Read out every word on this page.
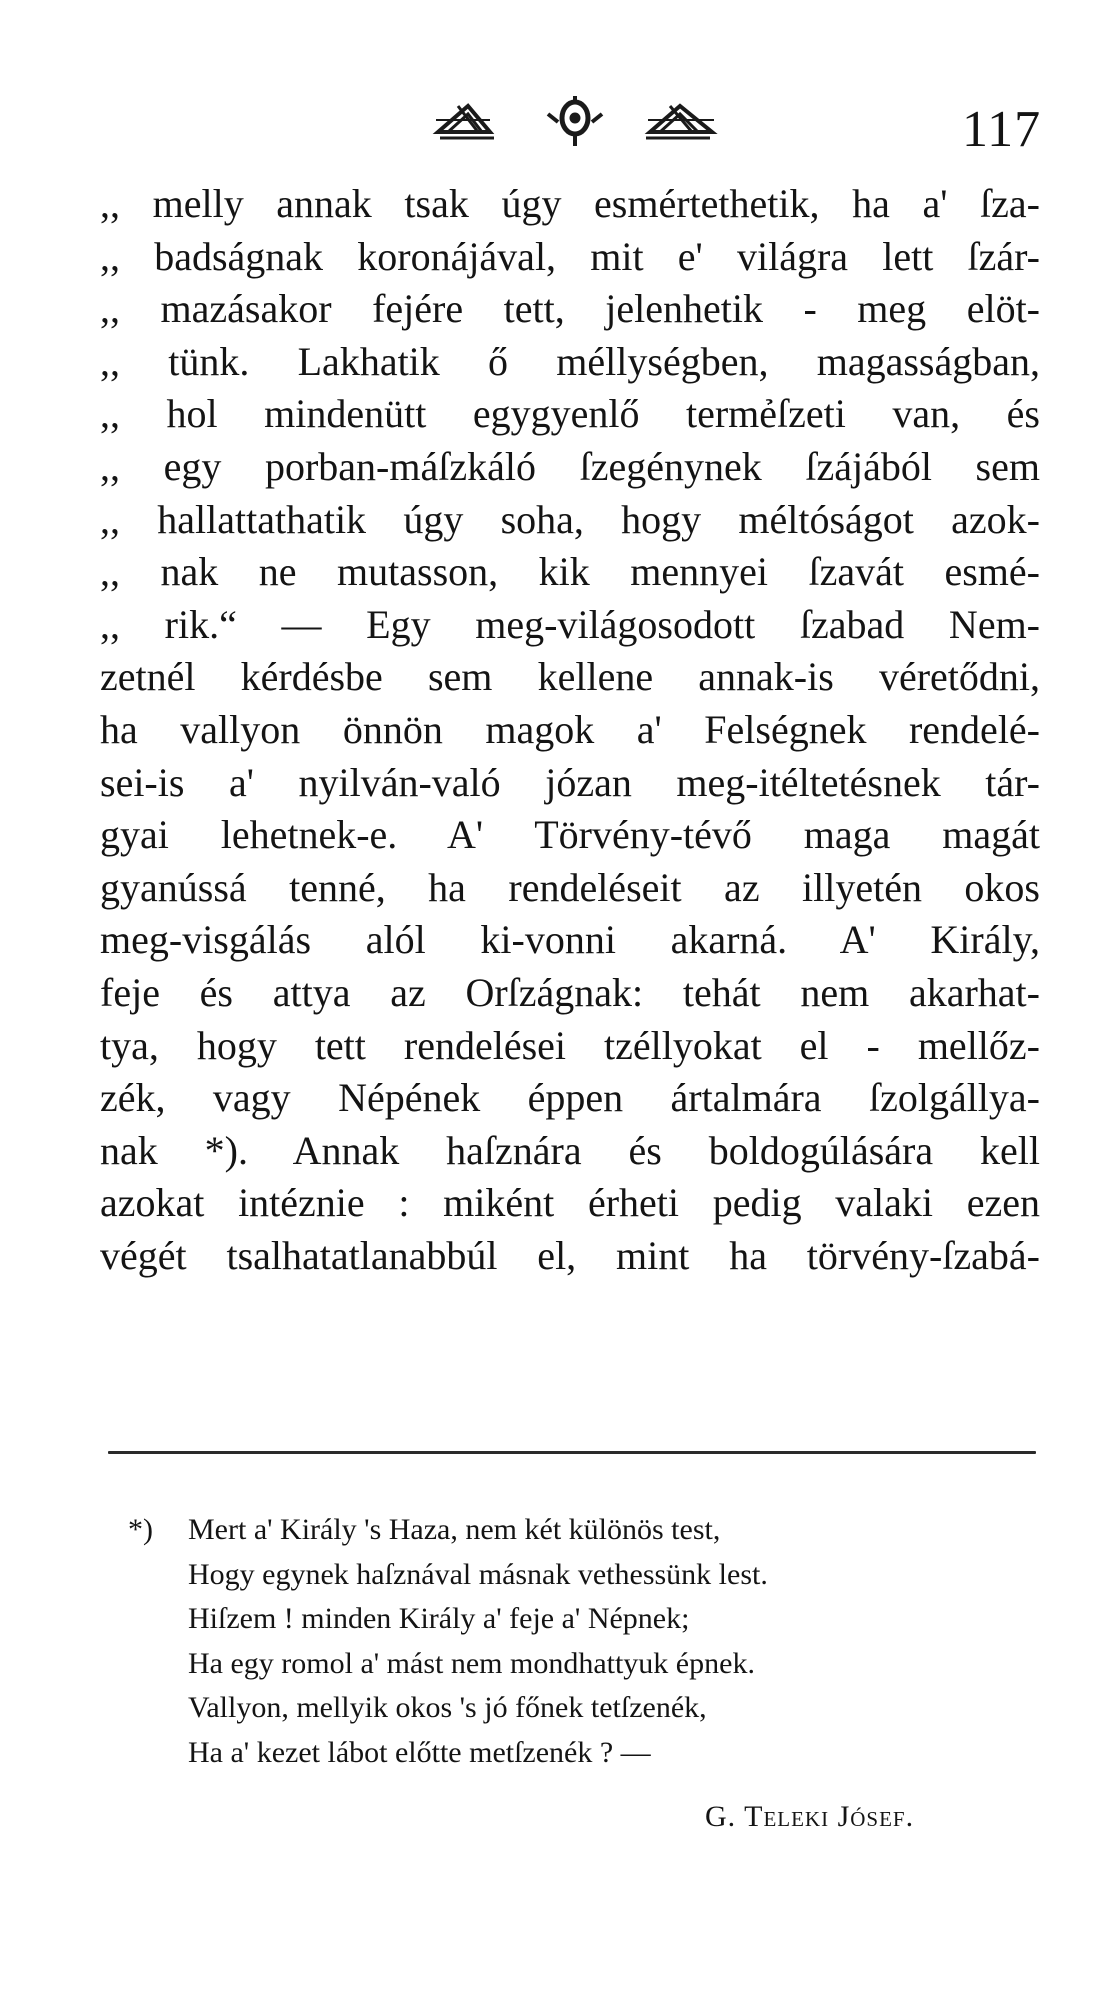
117
,, melly annak tsak úgy esmértethetik, ha a' ſza-
,, badságnak koronájával, mit e' világra lett ſzár-
,, mazásakor fejére tett, jelenhetik - meg elöt-
,, tünk. Lakhatik ő méllységben, magasságban,
,, hol mindenütt egygyenlő termẻſzeti van, és
,, egy porban-máſzkáló ſzegénynek ſzájából sem
,, hallattathatik úgy soha, hogy méltóságot azok-
,, nak ne mutasson, kik mennyei ſzavát esmé-
,, rik.“ — Egy meg-világosodott ſzabad Nem-
zetnél kérdésbe sem kellene annak-is véretődni,
ha vallyon önnön magok a' Felségnek rendelé-
sei-is a' nyilván-való józan meg-itéltetésnek tár-
gyai lehetnek-e. A' Törvény-tévő maga magát
gyanússá tenné, ha rendeléseit az illyetén okos
meg-visgálás alól ki-vonni akarná. A' Király,
feje és attya az Orſzágnak: tehát nem akarhat-
tya, hogy tett rendelései tzéllyokat el - mellőz-
zék, vagy Népének éppen ártalmára ſzolgállya-
nak *). Annak haſznára és boldogúlására kell
azokat intéznie : miként érheti pedig valaki ezen
végét tsalhatatlanabbúl el, mint ha törvény-ſzabá-
*) Mert a' Király 's Haza, nem két különös test,
Hogy egynek haſznával másnak vethessünk lest.
Hiſzem ! minden Király a' feje a' Népnek;
Ha egy romol a' mást nem mondhattyuk épnek.
Vallyon, mellyik okos 's jó főnek tetſzenék,
Ha a' kezet lábot előtte metſzenék ? —
G. Teleki Jósef.
